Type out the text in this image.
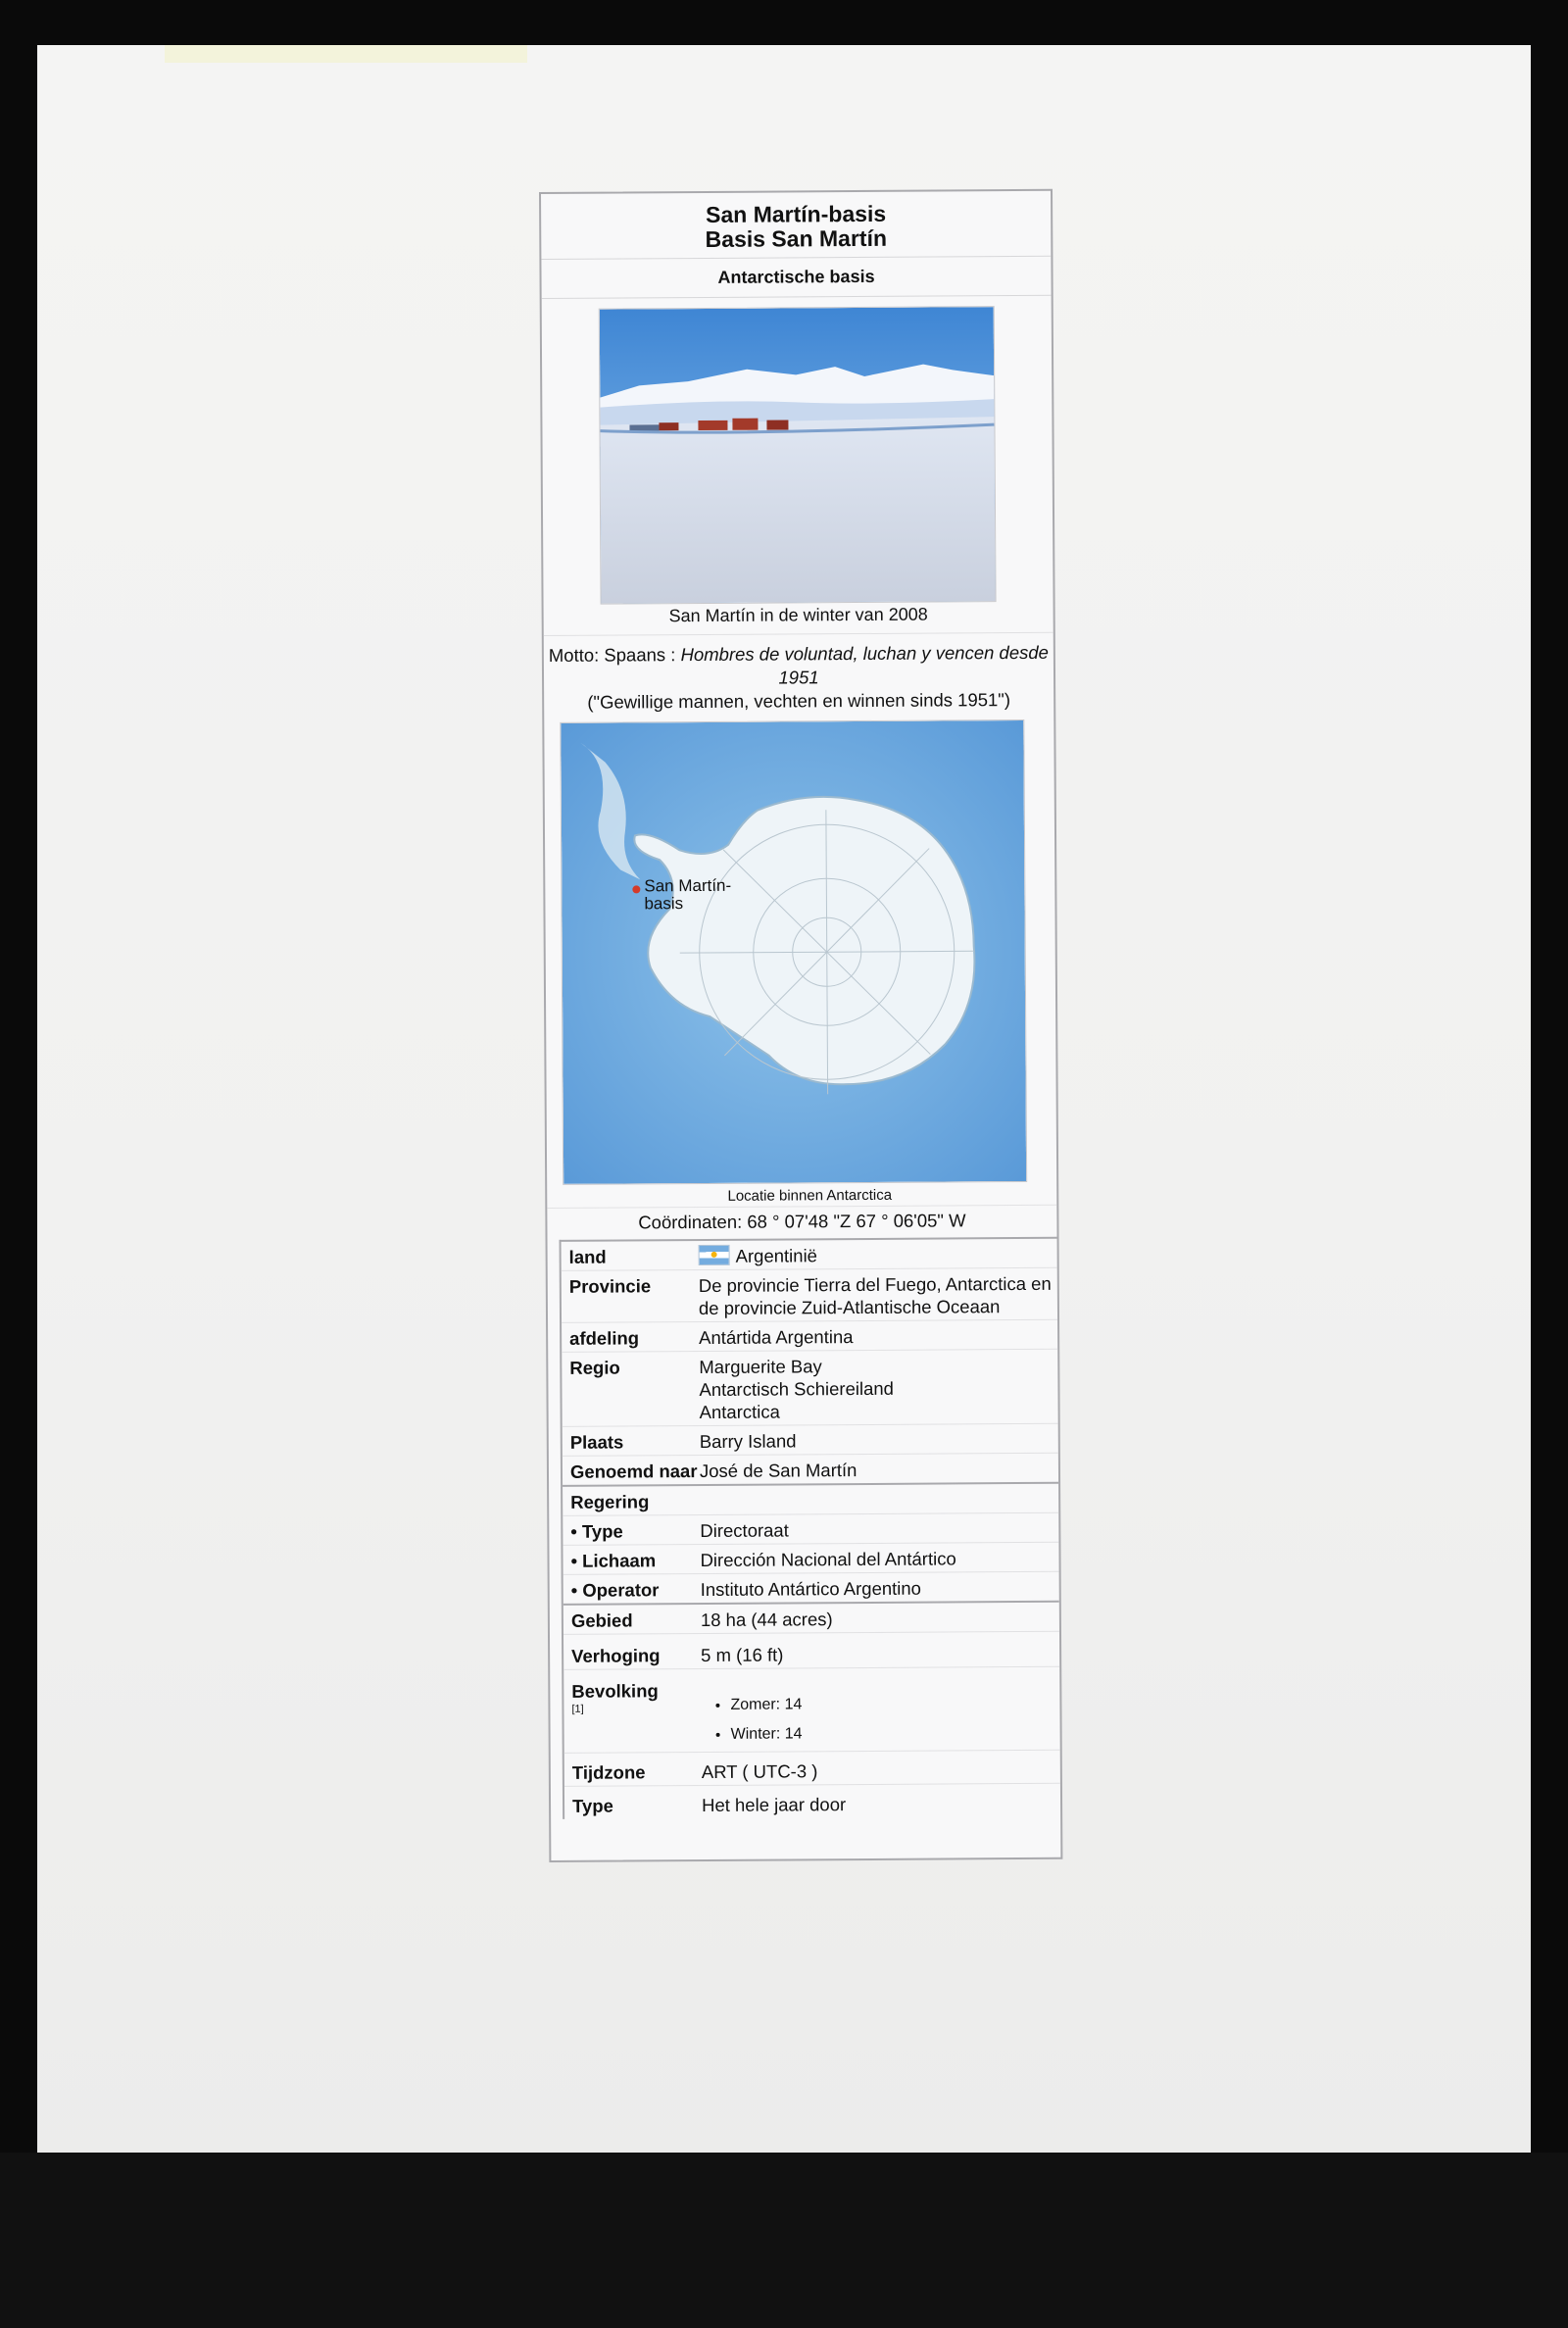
San Martín-basis
Basis San Martín
Antarctische basis
San Martín in de winter van 2008
Motto: Spaans : Hombres de voluntad, luchan y vencen desde 1951
("Gewillige mannen, vechten en winnen sinds 1951")
San Martín-basis
Locatie binnen Antarctica
Coördinaten: 68 ° 07'48 "Z 67 ° 06'05" W
land	Argentinië
Provincie	De provincie Tierra del Fuego, Antarctica en de provincie Zuid-Atlantische Oceaan
afdeling	Antártida Argentina
Regio	Marguerite Bay
Antarctisch Schiereiland
Antarctica
Plaats	Barry Island
Genoemd naar José de San Martín
Regering
• Type	Directoraat
• Lichaam	Dirección Nacional del Antártico
• Operator	Instituto Antártico Argentino
Gebied	18 ha (44 acres)
Verhoging	5 m (16 ft)
Bevolking
[1]
•	Zomer: 14
• Winter: 14
Tijdzone	ART ( UTC-3 )
Type	Het hele jaar door
